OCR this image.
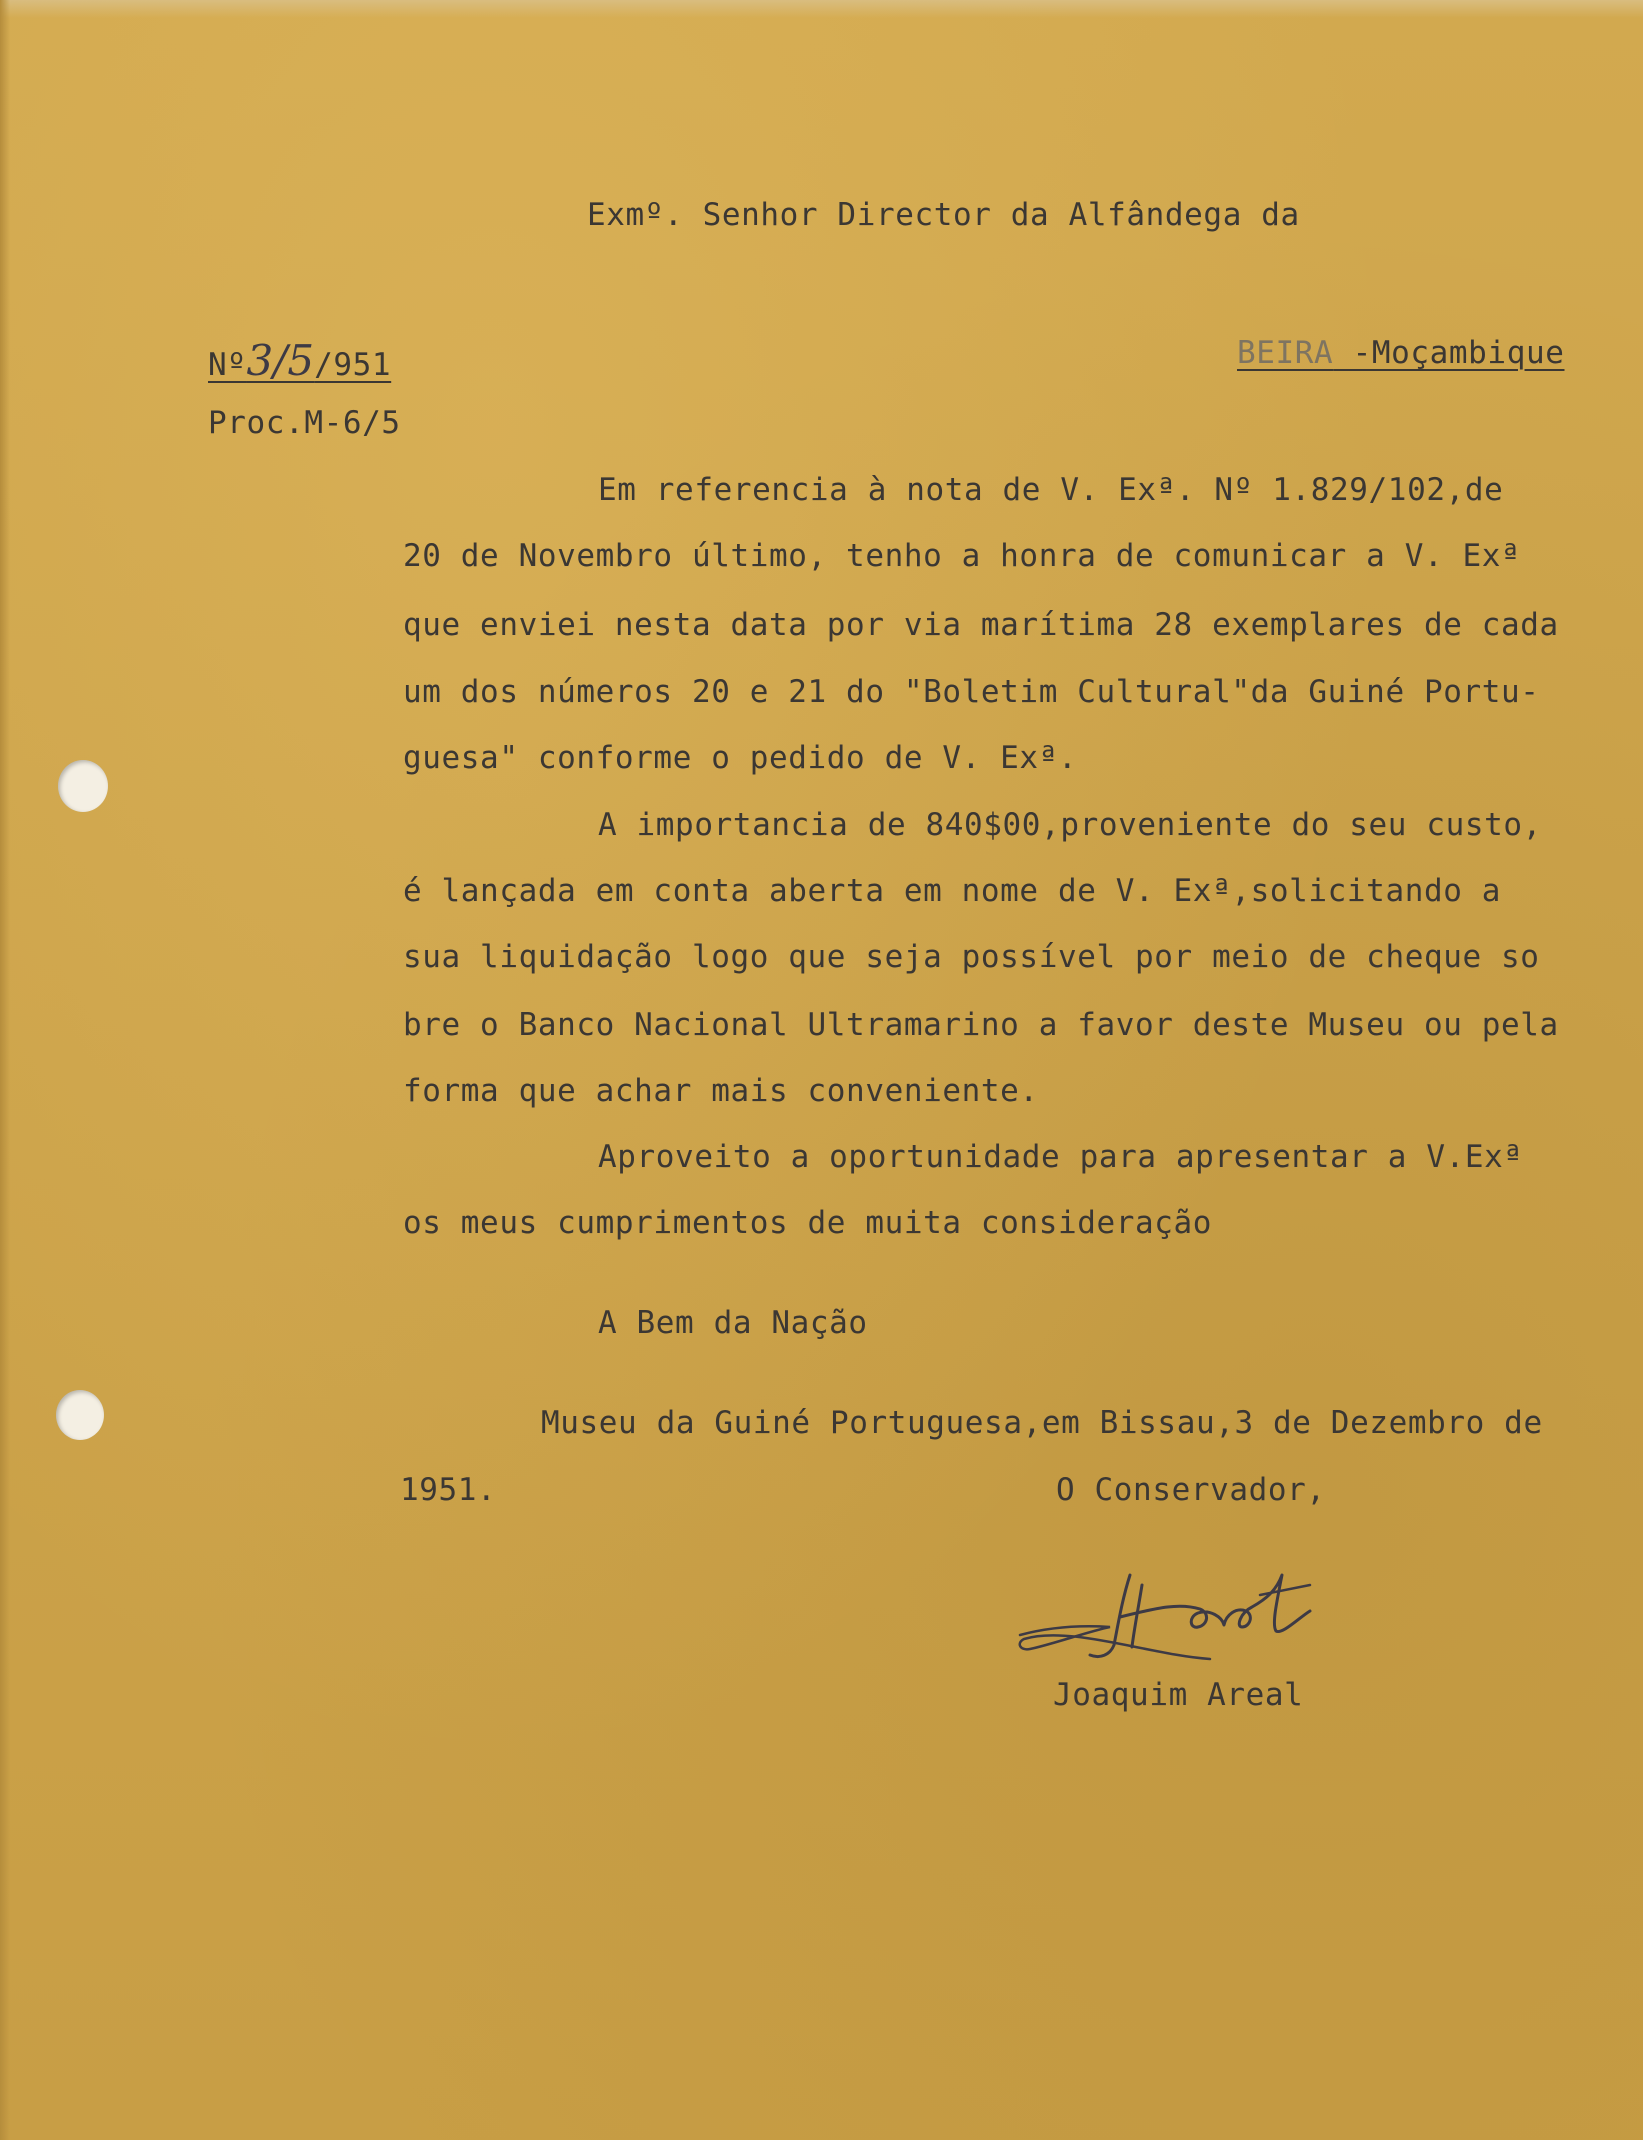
Exmº. Senhor Director da Alfândega da
Nº3/5/951	BEIRA -Moçambique
Proc.M-6/5
Em referencia à nota de V. Exª. Nº 1.829/102,de
20 de Novembro último, tenho a honra de comunicar a V. Exª
que enviei nesta data por via marítima 28 exemplares de cada
um dos números 20 e 21 do "Boletim Cultural"da Guiné Portu-
guesa" conforme o pedido de V. Exª.
A importancia de 840$00,proveniente do seu custo,
é lançada em conta aberta em nome de V. Exª,solicitando a
sua liquidação logo que seja possível por meio de cheque so
bre o Banco Nacional Ultramarino a favor deste Museu ou pela
forma que achar mais conveniente.
Aproveito a oportunidade para apresentar a V.Exª
os meus cumprimentos de muita consideração
A Bem da Nação
Museu da Guiné Portuguesa,em Bissau,3 de Dezembro de
1951.	O Conservador,
Joaquim Areal
